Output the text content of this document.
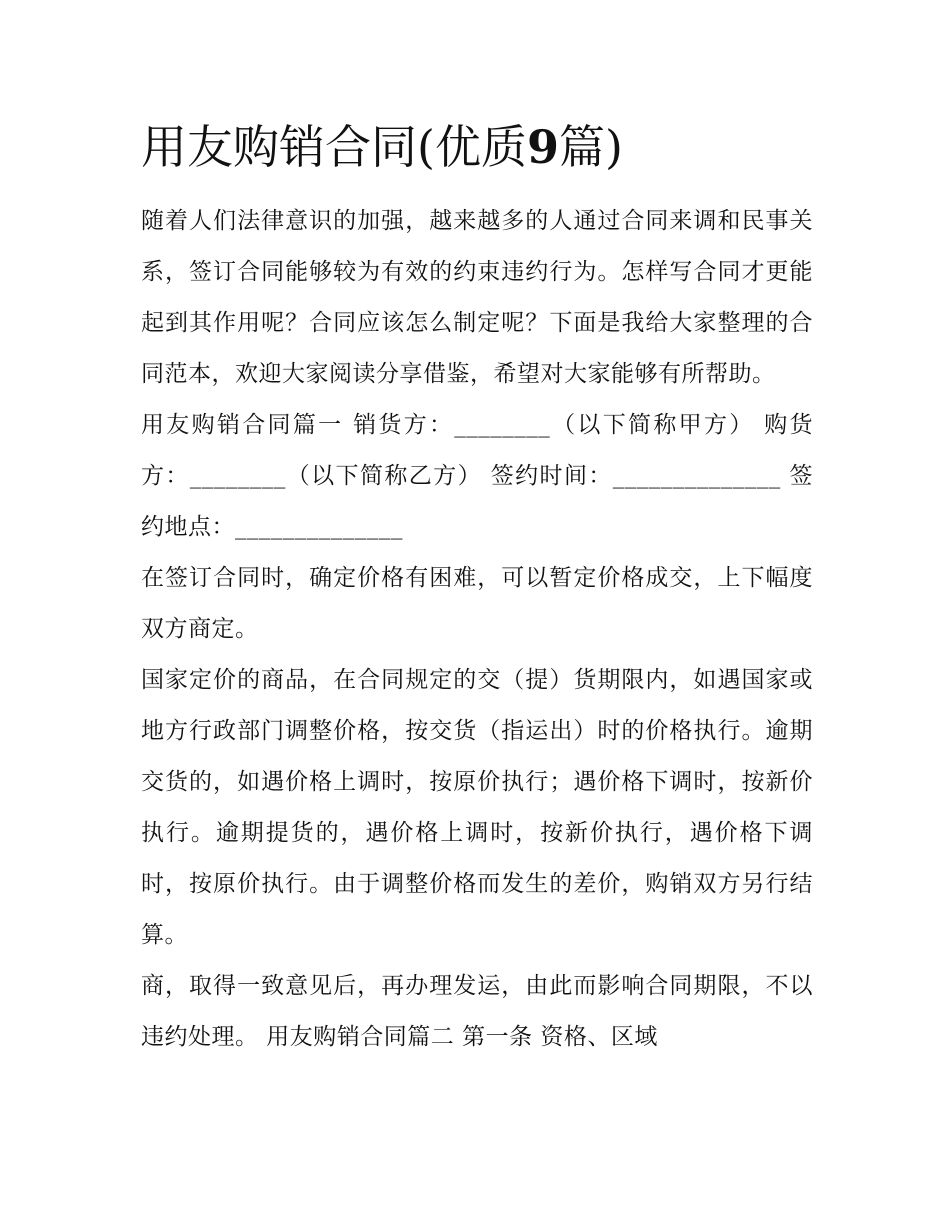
用友购销合同(优质9篇)

随着人们法律意识的加强，越来越多的人通过合同来调和民事关系，签订合同能够较为有效的约束违约行为。怎样写合同才更能起到其作用呢？合同应该怎么制定呢？下面是我给大家整理的合同范本，欢迎大家阅读分享借鉴，希望对大家能够有所帮助。

用友购销合同篇一 销货方：________（以下简称甲方） 购货方：________（以下简称乙方） 签约时间：______________ 签约地点：______________

在签订合同时，确定价格有困难，可以暂定价格成交，上下幅度双方商定。

国家定价的商品，在合同规定的交（提）货期限内，如遇国家或地方行政部门调整价格，按交货（指运出）时的价格执行。逾期交货的，如遇价格上调时，按原价执行；遇价格下调时，按新价执行。逾期提货的，遇价格上调时，按新价执行，遇价格下调时，按原价执行。由于调整价格而发生的差价，购销双方另行结算。

商，取得一致意见后，再办理发运，由此而影响合同期限，不以违约处理。 用友购销合同篇二 第一条 资格、区域
